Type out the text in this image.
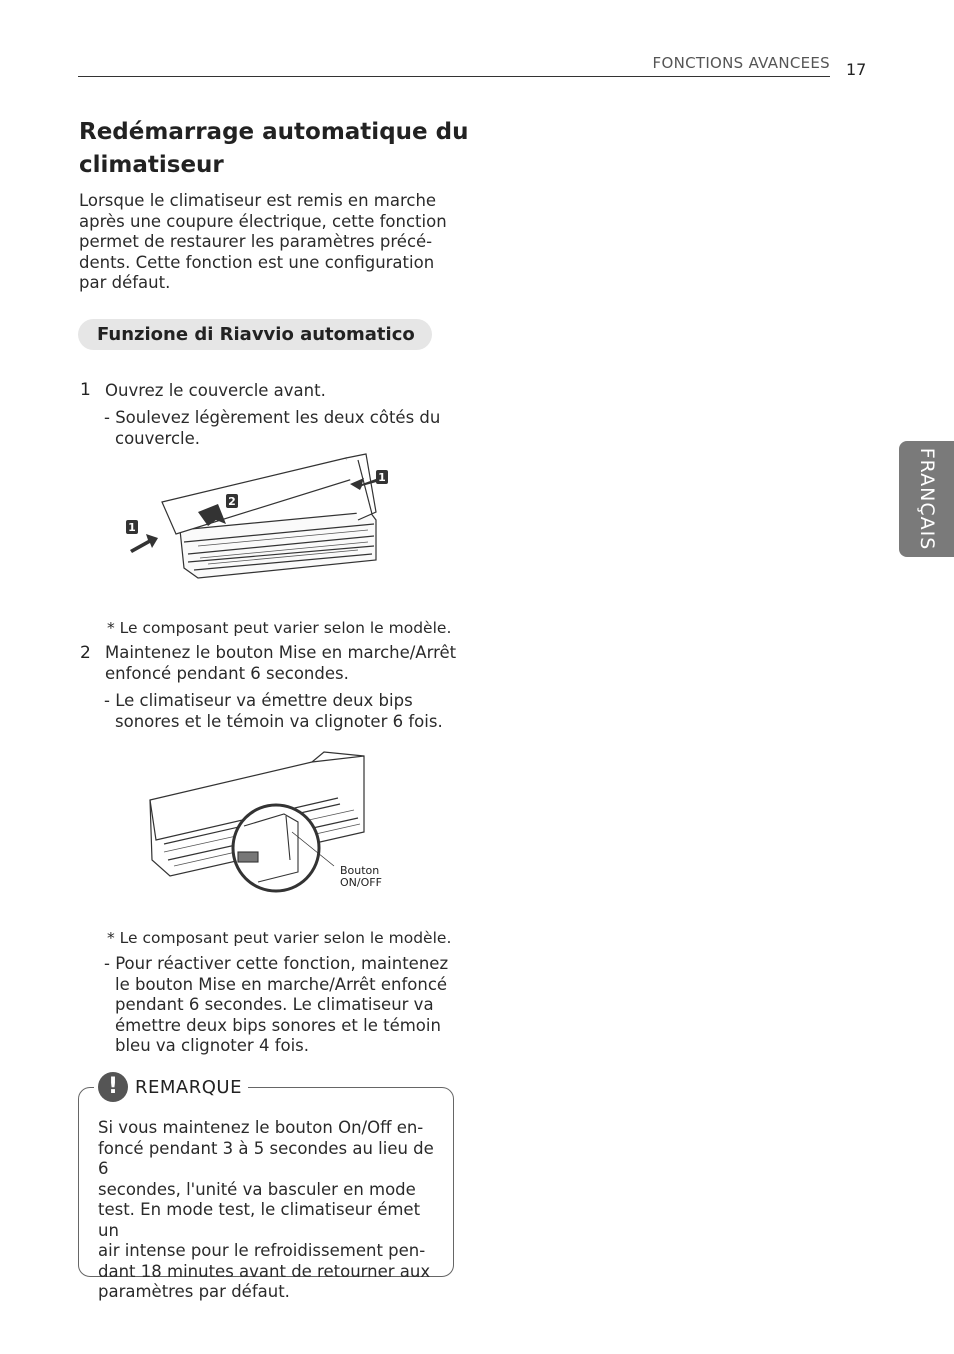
FONCTIONS AVANCEES 17
FRANÇAIS
Redémarrage automatique du
climatiseur
Lorsque le climatiseur est remis en marche
après une coupure électrique, cette fonction
permet de restaurer les paramètres précé-
dents. Cette fonction est une configuration
par défaut.
Funzione di Riavvio automatico
1 Ouvrez le couvercle avant.
- Soulevez légèrement les deux côtés du
couvercle.
1
2
1
* Le composant peut varier selon le modèle.
2 Maintenez le bouton Mise en marche/Arrêt
enfoncé pendant 6 secondes.
- Le climatiseur va émettre deux bips
sonores et le témoin va clignoter 6 fois.
Bouton
ON/OFF
* Le composant peut varier selon le modèle.
- Pour réactiver cette fonction, maintenez
le bouton Mise en marche/Arrêt enfoncé
pendant 6 secondes. Le climatiseur va
émettre deux bips sonores et le témoin
bleu va clignoter 4 fois.
! REMARQUE
Si vous maintenez le bouton On/Off en-
foncé pendant 3 à 5 secondes au lieu de 6
secondes, l'unité va basculer en mode
test. En mode test, le climatiseur émet un
air intense pour le refroidissement pen-
dant 18 minutes avant de retourner aux
paramètres par défaut.
